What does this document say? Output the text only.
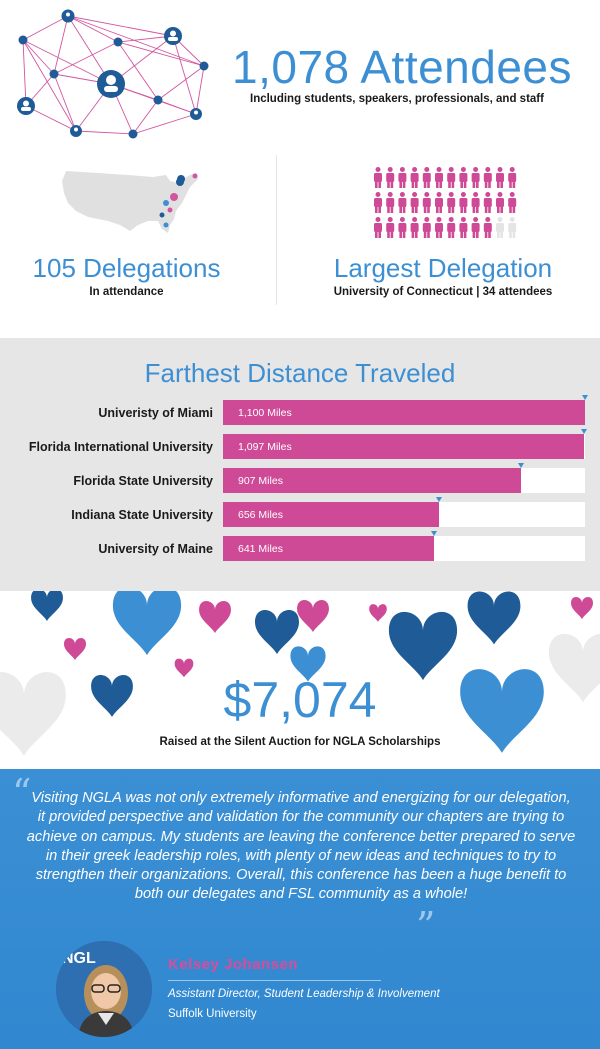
1,078 Attendees
Including students, speakers, professionals, and staff
105 Delegations
In attendance
Largest Delegation
University of Connecticut | 34 attendees
Farthest Distance Traveled
Univeristy of Miami 1,100 Miles
Florida International University 1,097 Miles
Florida State University 907 Miles
Indiana State University 656 Miles
University of Maine 641 Miles
$7,074
Raised at the Silent Auction for NGLA Scholarships
“ Visiting NGLA was not only extremely informative and energizing for our delegation, it provided perspective and validation for the community our chapters are trying to achieve on campus. My students are leaving the conference better prepared to serve in their greek leadership roles, with plenty of new ideas and techniques to try to strengthen their organizations. Overall, this conference has been a huge benefit to both our delegates and FSL community as a whole!
”
NGL	Kelsey Johansen
Assistant Director, Student Leadership & Involvement
Suffolk University
